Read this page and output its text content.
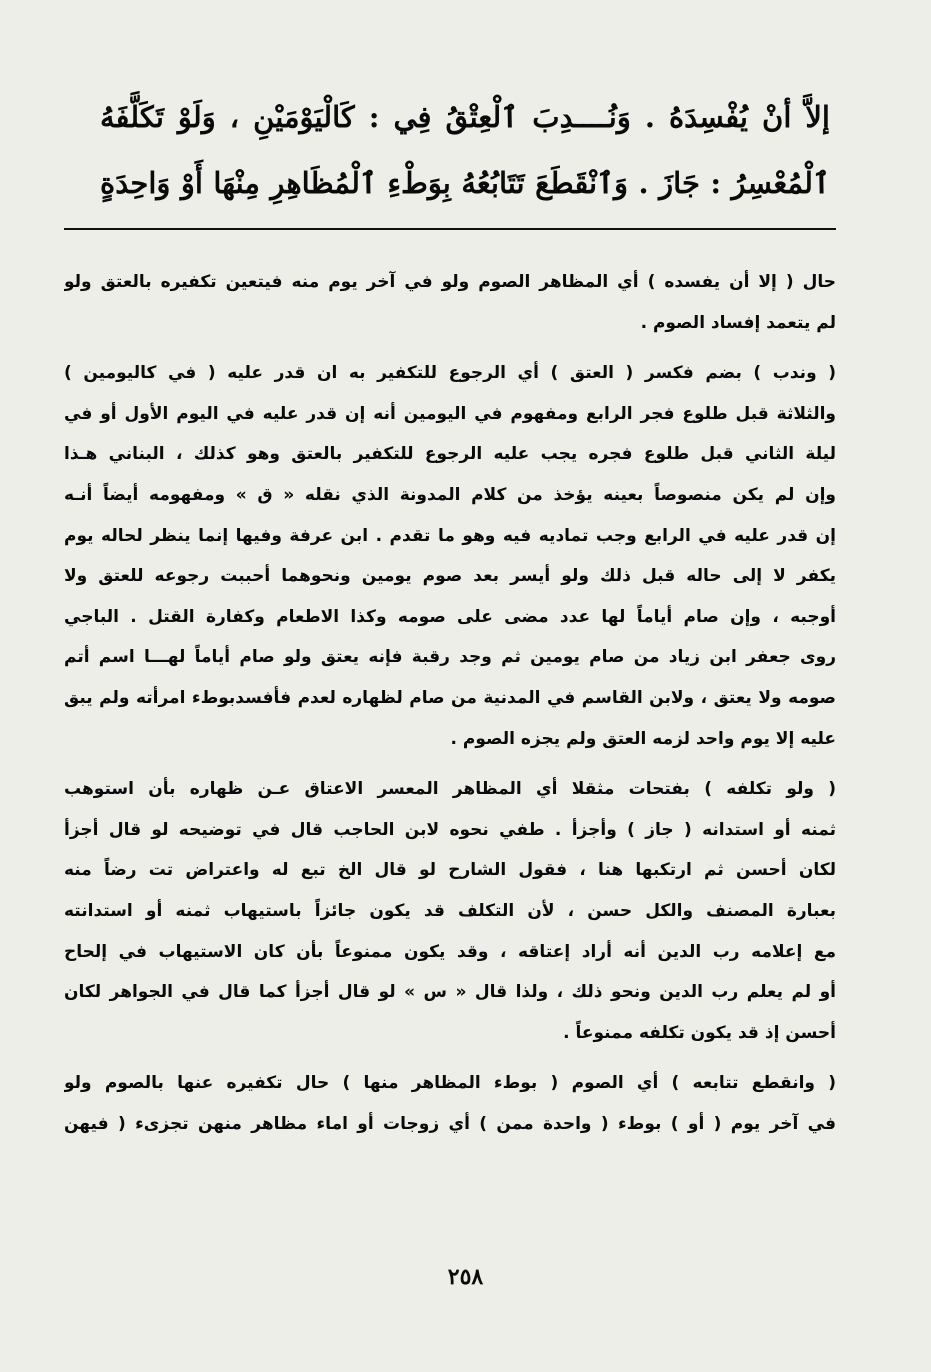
إلاَّ أنْ يُفْسِدَهُ . وَنُــــدِبَ ٱلْعِتْقُ فِي : كَالْيَوْمَيْنِ ، وَلَوْ تَكَلَّفَهُ
ٱلْمُعْسِرُ : جَازَ . وَٱنْقَطَعَ تَتَابُعُهُ بِوَطْءِ ٱلْمُظَاهِرِ مِنْهَا أَوْ وَاحِدَةٍ
حال ( إلا أن يفسده ) أي المظاهر الصوم ولو في آخر يوم منه فيتعين تكفيره بالعتق ولو
لم يتعمد إفساد الصوم .
( وندب ) بضم فكسر ( العتق ) أي الرجوع للتكفير به ان قدر عليه ( في كاليومين )
والثلاثة قبل طلوع فجر الرابع ومفهوم في اليومين أنه إن قدر عليه في اليوم الأول أو في
ليلة الثاني قبل طلوع فجره يجب عليه الرجوع للتكفير بالعتق وهو كذلك ، البناني هـذا
وإن لم يكن منصوصاً بعينه يؤخذ من كلام المدونة الذي نقله « ق » ومفهومه أيضاً أنـه
إن قدر عليه في الرابع وجب تماديه فيه وهو ما تقدم . ابن عرفة وفيها إنما ينظر لحاله يوم
يكفر لا إلى حاله قبل ذلك ولو أيسر بعد صوم يومين ونحوهما أحببت رجوعه للعتق ولا
أوجبه ، وإن صام أياماً لها عدد مضى على صومه وكذا الاطعام وكفارة القتل . الباجي
روى جعفر ابن زياد من صام يومين ثم وجد رقبة فإنه يعتق ولو صام أياماً لهـــا اسم أتم
صومه ولا يعتق ، ولابن القاسم في المدنية من صام لظهاره لعدم فأفسدبوطء امرأته ولم يبق
عليه إلا يوم واحد لزمه العتق ولم يجزه الصوم .
( ولو تكلفه ) بفتحات مثقلا أي المظاهر المعسر الاعتاق عـن ظهاره بأن استوهب
ثمنه أو استدانه ( جاز ) وأجزأ . طفي نحوه لابن الحاجب قال في توضيحه لو قال أجزأ
لكان أحسن ثم ارتكبها هنا ، فقول الشارح لو قال الخ تبع له واعتراض تت رضاً منه
بعبارة المصنف والكل حسن ، لأن التكلف قد يكون جائزاً باستيهاب ثمنه أو استدانته
مع إعلامه رب الدين أنه أراد إعتاقه ، وقد يكون ممنوعاً بأن كان الاستيهاب في إلحاح
أو لم يعلم رب الدين ونحو ذلك ، ولذا قال « س » لو قال أجزأ كما قال في الجواهر لكان
أحسن إذ قد يكون تكلفه ممنوعاً .
( وانقطع تتابعه ) أي الصوم ( بوطء المظاهر منها ) حال تكفيره عنها بالصوم ولو
في آخر يوم ( أو ) بوطء ( واحدة ممن ) أي زوجات أو اماء مظاهر منهن تجزىء ( فيهن
٢٥٨
